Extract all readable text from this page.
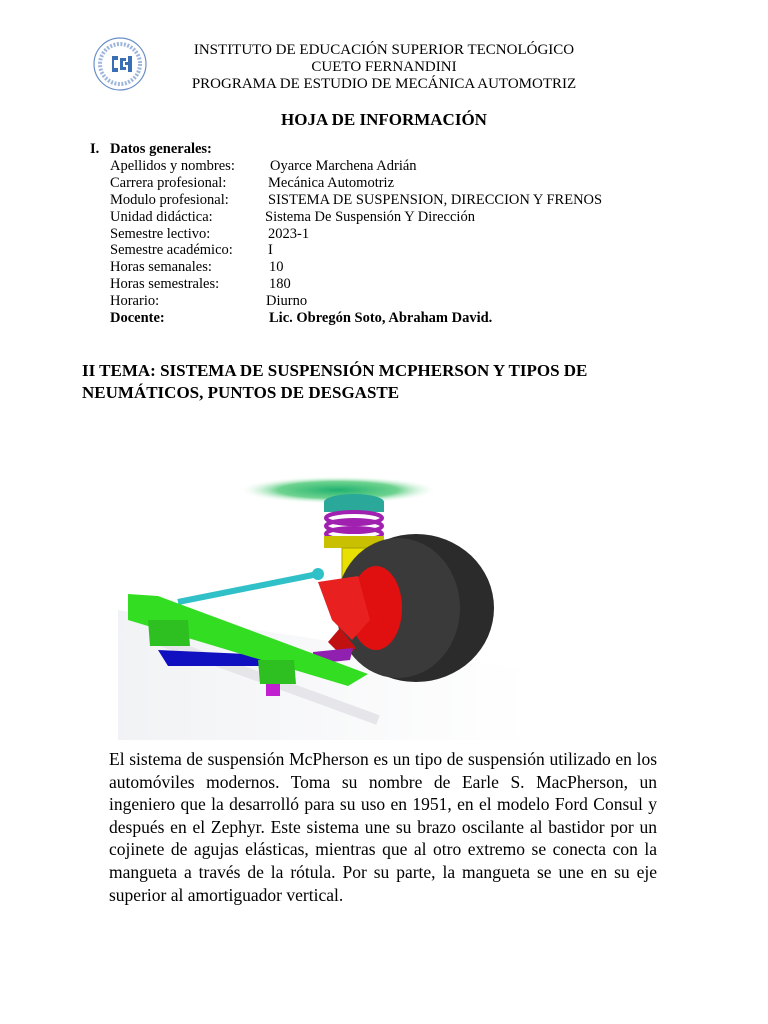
INSTITUTO DE EDUCACIÓN SUPERIOR TECNOLÓGICO
CUETO FERNANDINI
PROGRAMA DE ESTUDIO DE MECÁNICA AUTOMOTRIZ
HOJA DE INFORMACIÓN
I. Datos generales:
Apellidos y nombres: Oyarce Marchena Adrián
Carrera profesional:	Mecánica Automotriz
Modulo profesional:	SISTEMA DE SUSPENSION, DIRECCION Y FRENOS
Unidad didáctica:	Sistema De Suspensión Y Dirección
Semestre lectivo:	2023-1
Semestre académico: I
Horas semanales:	10
Horas semestrales:	180
Horario:	Diurno
Docente:	Lic. Obregón Soto, Abraham David.
II TEMA: SISTEMA DE SUSPENSIÓN MCPHERSON Y TIPOS DE NEUMÁTICOS, PUNTOS DE DESGASTE
El sistema de suspensión McPherson es un tipo de suspensión utilizado en los automóviles modernos. Toma su nombre de Earle S. MacPherson, un ingeniero que la desarrolló para su uso en 1951, en el modelo Ford Consul y después en el Zephyr. Este sistema une su brazo oscilante al bastidor por un cojinete de agujas elásticas, mientras que al otro extremo se conecta con la mangueta a través de la rótula. Por su parte, la mangueta se une en su eje superior al amortiguador vertical.
